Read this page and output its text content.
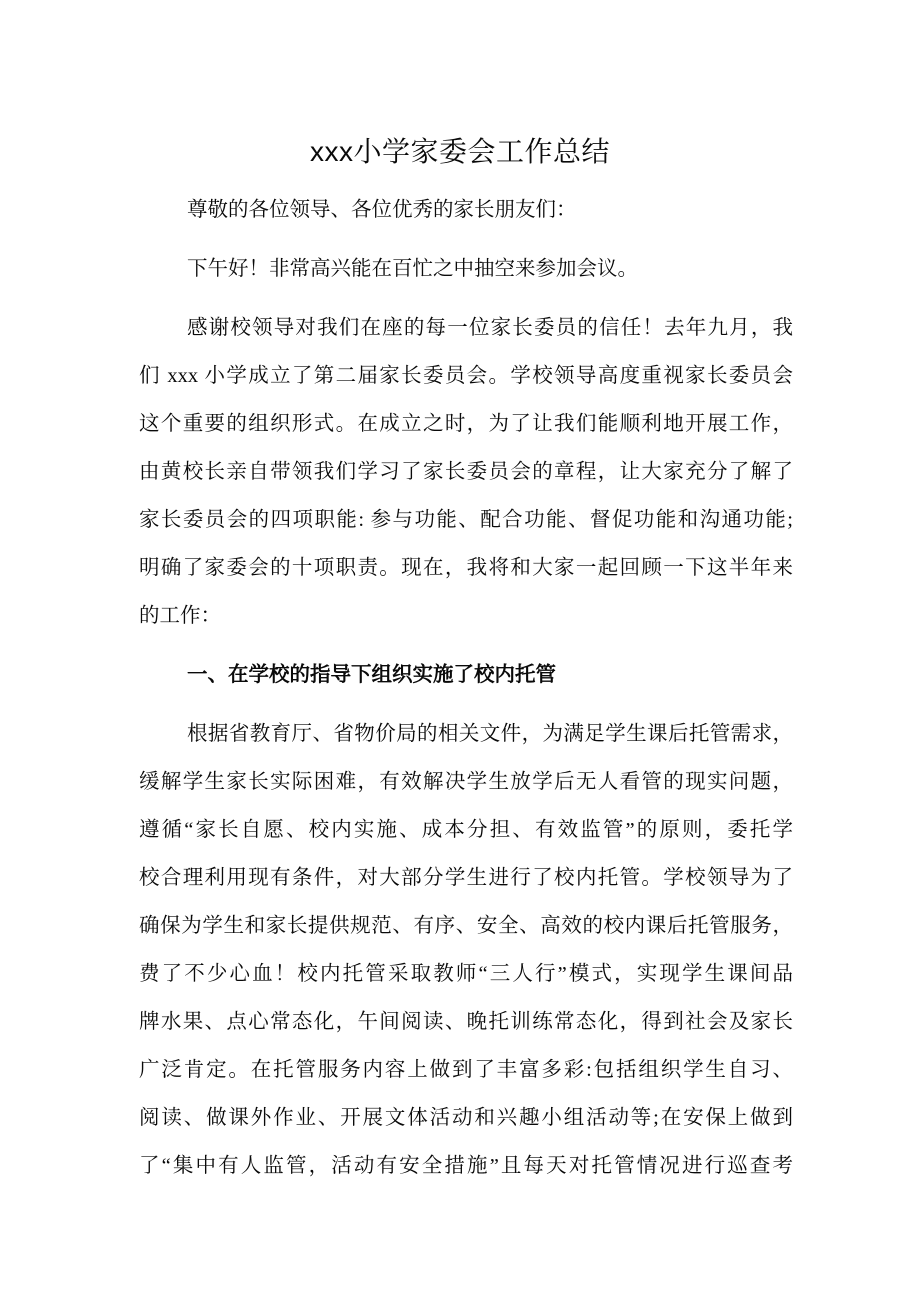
xxx小学家委会工作总结

尊敬的各位领导、各位优秀的家长朋友们：

下午好！非常高兴能在百忙之中抽空来参加会议。

感谢校领导对我们在座的每一位家长委员的信任！去年九月，我
们 xxx 小学成立了第二届家长委员会。学校领导高度重视家长委员会
这个重要的组织形式。在成立之时，为了让我们能顺利地开展工作，
由黄校长亲自带领我们学习了家长委员会的章程，让大家充分了解了
家长委员会的四项职能: 参与功能、配合功能、督促功能和沟通功能;
明确了家委会的十项职责。现在，我将和大家一起回顾一下这半年来
的工作：

一、在学校的指导下组织实施了校内托管

根据省教育厅、省物价局的相关文件，为满足学生课后托管需求，
缓解学生家长实际困难，有效解决学生放学后无人看管的现实问题，
遵循“家长自愿、校内实施、成本分担、有效监管”的原则，委托学
校合理利用现有条件，对大部分学生进行了校内托管。学校领导为了
确保为学生和家长提供规范、有序、安全、高效的校内课后托管服务，
费了不少心血！校内托管采取教师“三人行”模式，实现学生课间品
牌水果、点心常态化，午间阅读、晚托训练常态化，得到社会及家长
广泛肯定。在托管服务内容上做到了丰富多彩:包括组织学生自习、
阅读、做课外作业、开展文体活动和兴趣小组活动等;在安保上做到
了“集中有人监管，活动有安全措施”且每天对托管情况进行巡查考
